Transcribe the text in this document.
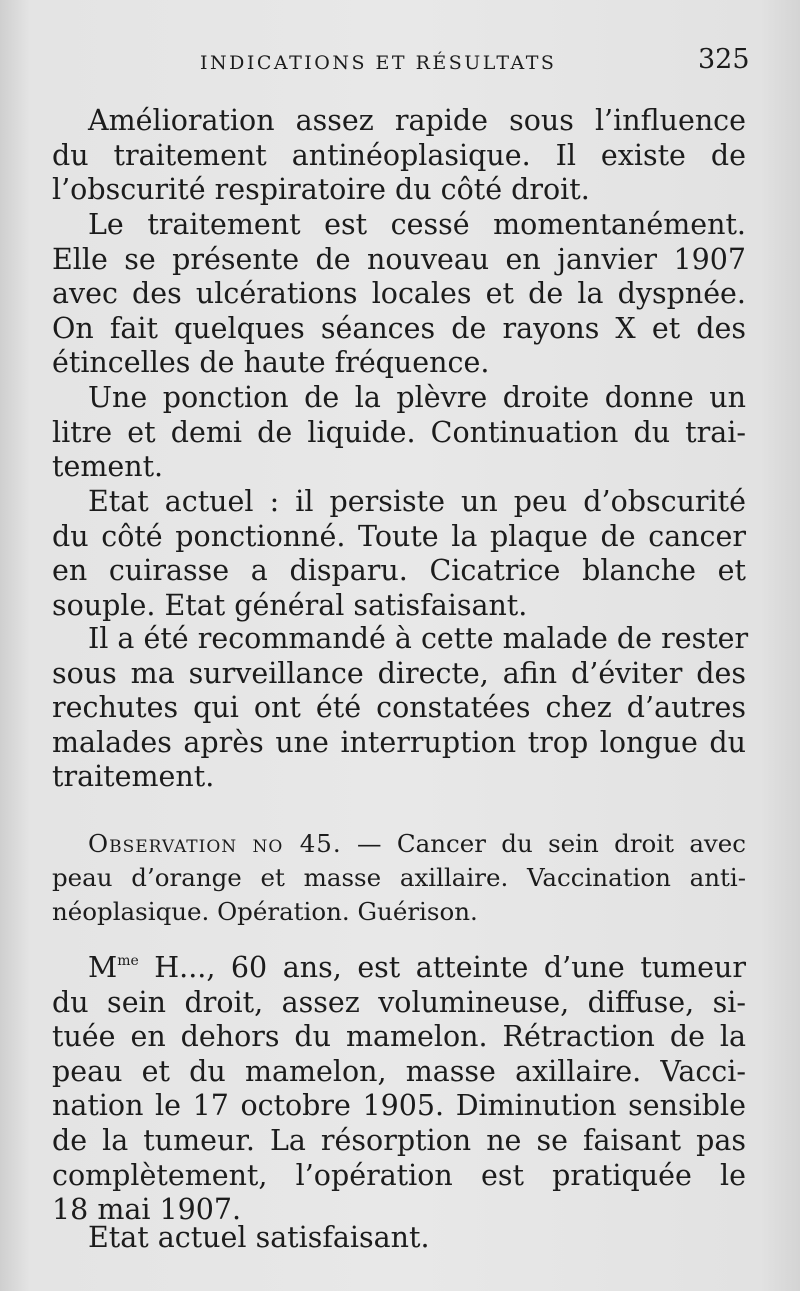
INDICATIONS ET RÉSULTATS	325
Amélioration assez rapide sous l’influence
du traitement antinéoplasique. Il existe de
l’obscurité respiratoire du côté droit.
Le traitement est cessé momentanément.
Elle se présente de nouveau en janvier 1907
avec des ulcérations locales et de la dyspnée.
On fait quelques séances de rayons X et des
étincelles de haute fréquence.
Une ponction de la plèvre droite donne un
litre et demi de liquide. Continuation du trai-
tement.
Etat actuel : il persiste un peu d’obscurité
du côté ponctionné. Toute la plaque de cancer
en cuirasse a disparu. Cicatrice blanche et
souple. Etat général satisfaisant.
Il a été recommandé à cette malade de rester
sous ma surveillance directe, afin d’éviter des
rechutes qui ont été constatées chez d’autres
malades après une interruption trop longue du
traitement.
Observation no 45. — Cancer du sein droit avec
peau d’orange et masse axillaire. Vaccination anti-
néoplasique. Opération. Guérison.
$M^{me}$ H..., 60 ans, est atteinte d’une tumeur
du sein droit, assez volumineuse, diffuse, si-
tuée en dehors du mamelon. Rétraction de la
peau et du mamelon, masse axillaire. Vacci-
nation le 17 octobre 1905. Diminution sensible
de la tumeur. La résorption ne se faisant pas
complètement, l’opération est pratiquée le
18 mai 1907.
Etat actuel satisfaisant.
